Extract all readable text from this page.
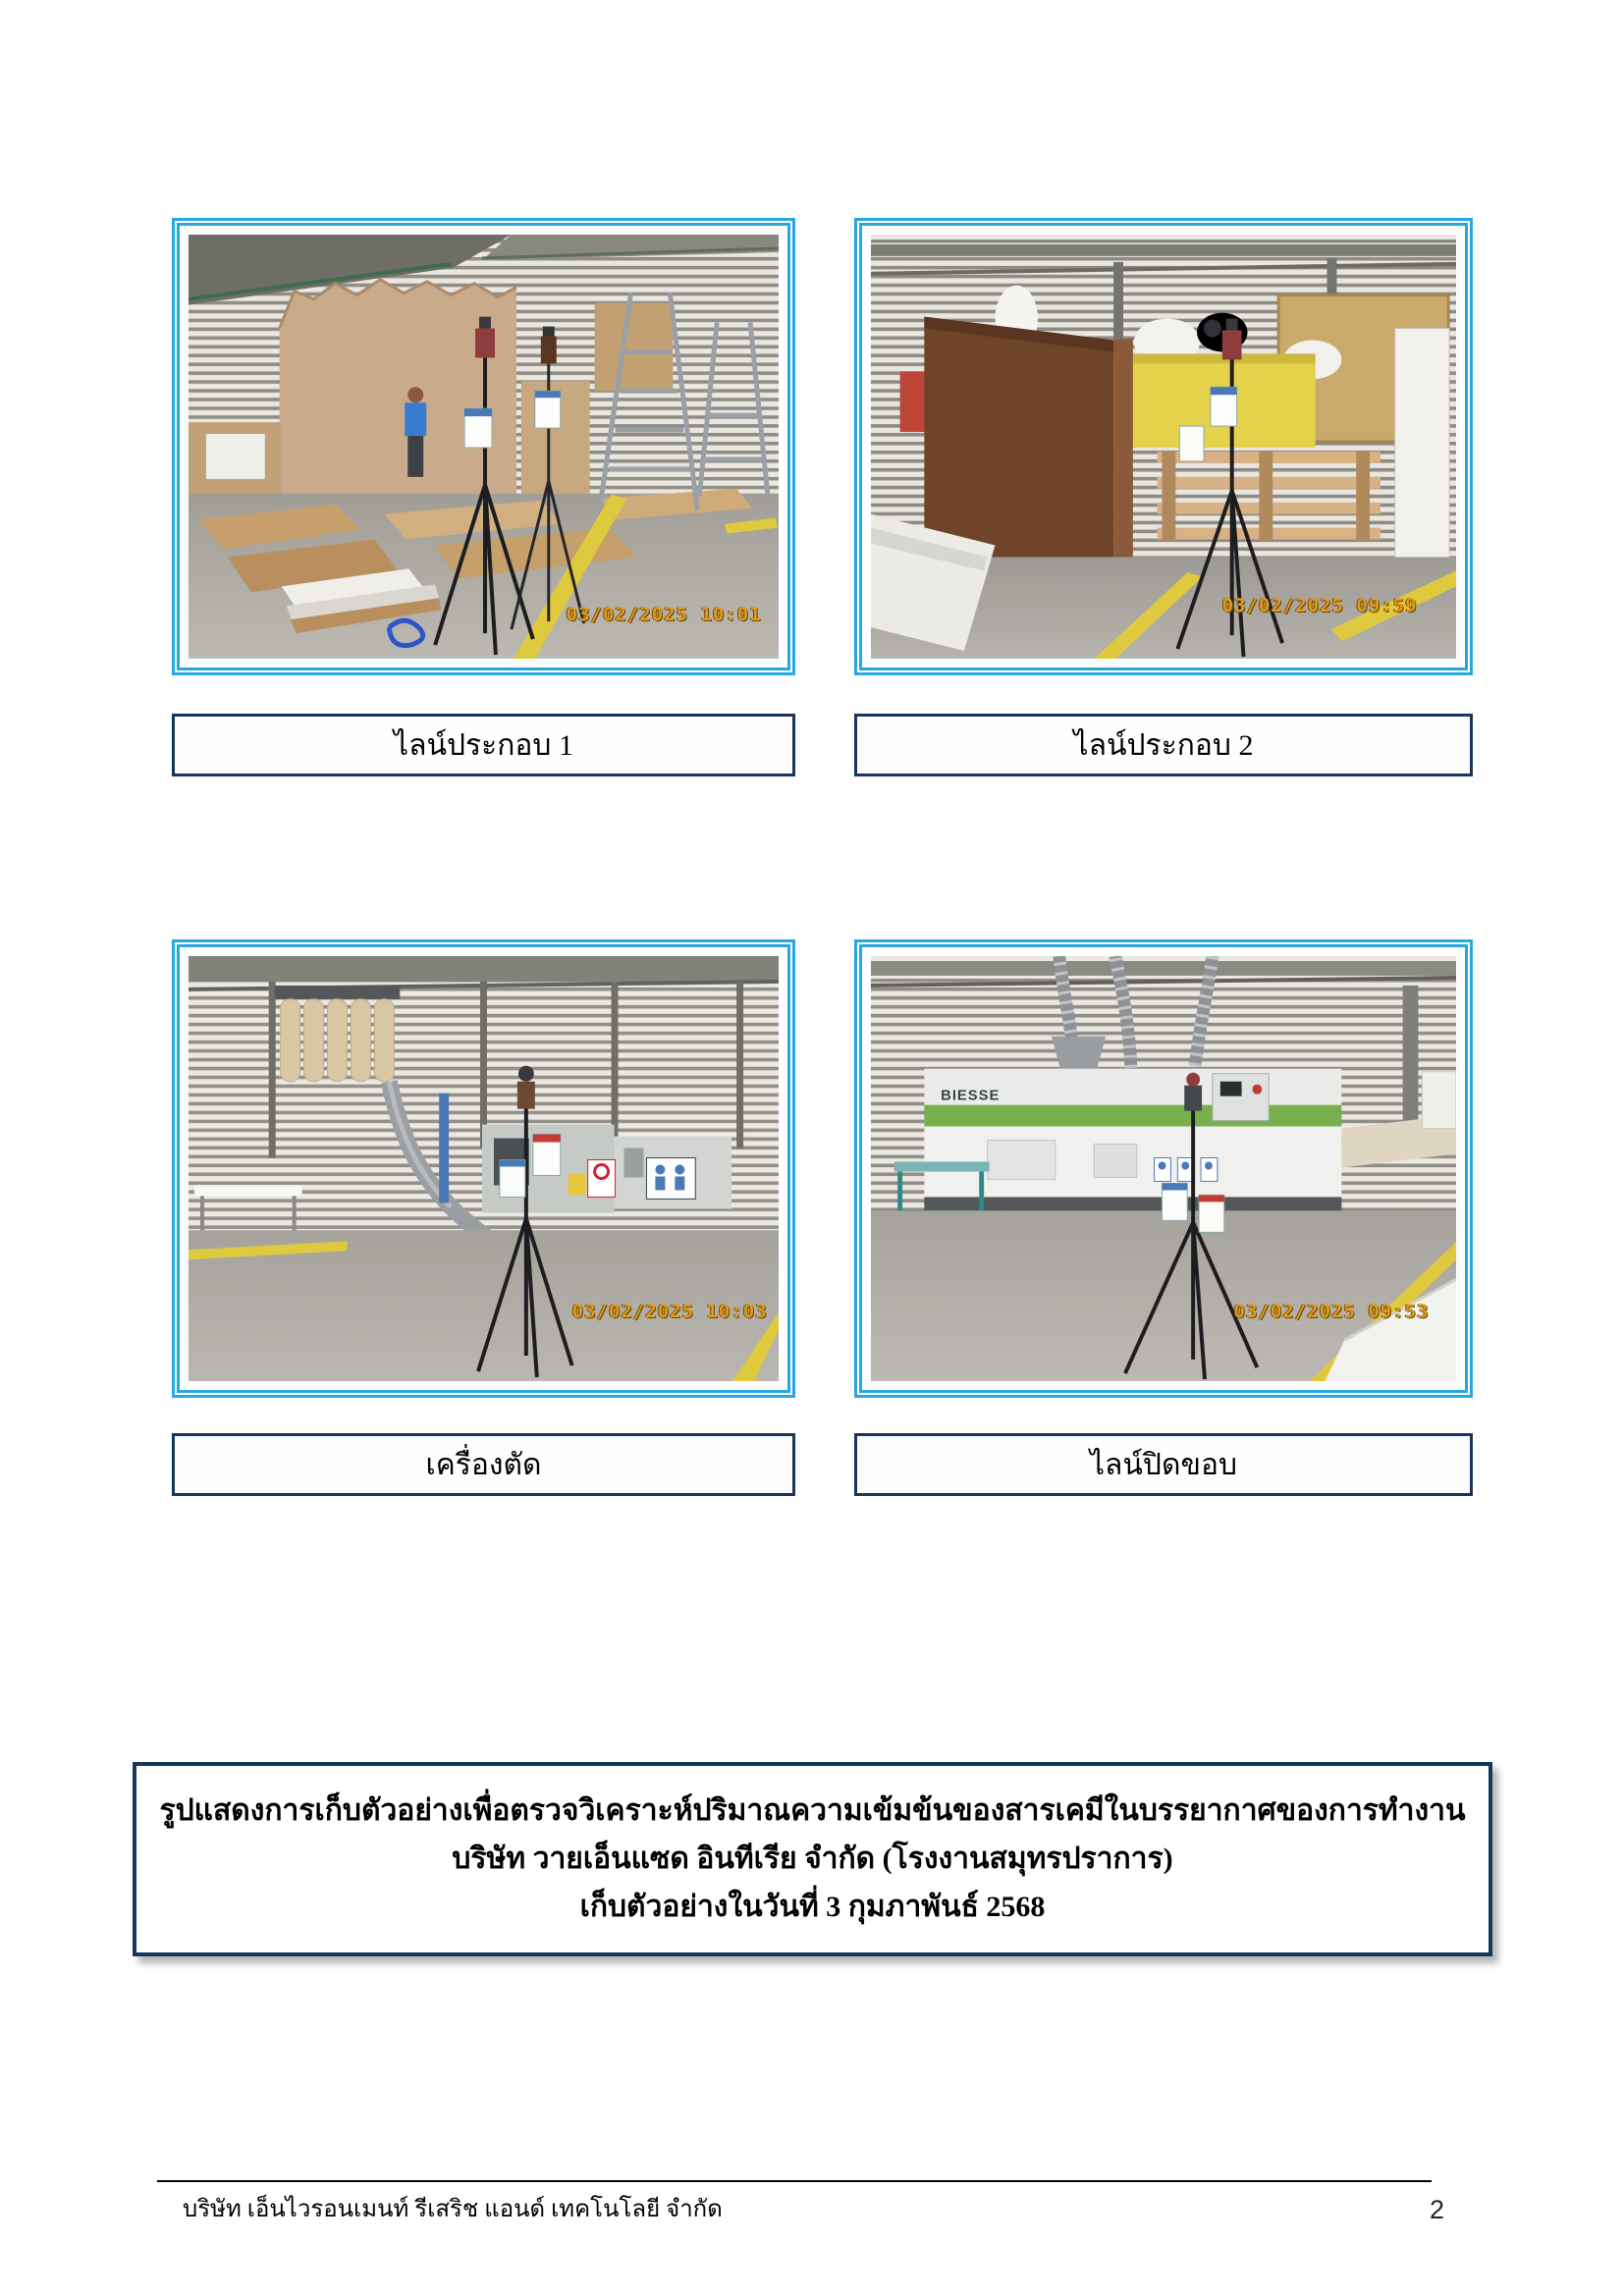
03/02/2025 10:01	03/02/2025 09:59
ไลน์ประกอบ 1	ไลน์ประกอบ 2
03/02/2025 10:03
BIESSE
03/02/2025 09:53
เครื่องตัด	ไลน์ปิดขอบ

รูปแสดงการเก็บตัวอย่างเพื่อตรวจวิเคราะห์ปริมาณความเข้มข้นของสารเคมีในบรรยากาศของการทำงาน

บริษัท วายเอ็นแซด อินทีเรีย จำกัด (โรงงานสมุทรปราการ)

เก็บตัวอย่างในวันที่ 3 กุมภาพันธ์ 2568

บริษัท เอ็นไวรอนเมนท์ รีเสริช แอนด์ เทคโนโลยี จำกัด	2
